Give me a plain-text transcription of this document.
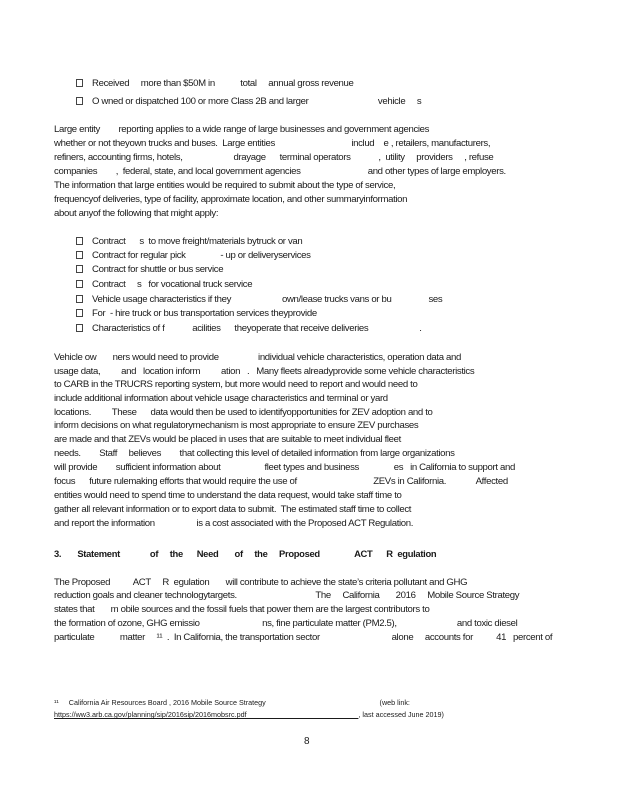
Received     more than $50M in           total     annual gross revenue
O wned or dispatched 100 or more Class 2B and larger                              vehicle     s
Large entity        reporting applies to a wide range of large businesses and government agencies
whether or not theyown trucks and buses.  Large entities                                 includ    e , retailers, manufacturers,
refiners, accounting firms, hotels,                      drayage      terminal operators            ,  utility     providers     , refuse
companies        ,  federal, state, and local government agencies                             and other types of large employers.
The information that large entities would be required to submit about the type of service,
frequencyof deliveries, type of facility, approximate location, and other summaryinformation
about anyof the following that might apply:
Contract      s  to move freight/materials bytruck or van
Contract for regular pick               - up or deliveryservices
Contract for shuttle or bus service
Contract     s   for vocational truck service
Vehicle usage characteristics if they                      own/lease trucks vans or bu                ses
For  - hire truck or bus transportation services theyprovide
Characteristics of f            acilities      theyoperate that receive deliveries                      .
Vehicle ow       ners would need to provide                 individual vehicle characteristics, operation data and
usage data,         and   location inform         ation   .   Many fleets alreadyprovide some vehicle characteristics
to CARB in the TRUCRS reporting system, but more would need to report and would need to
include additional information about vehicle usage characteristics and terminal or yard
locations.         These      data would then be used to identifyopportunities for ZEV adoption and to
inform decisions on what regulatorymechanism is most appropriate to ensure ZEV purchases
are made and that ZEVs would be placed in uses that are suitable to meet individual fleet
needs.        Staff     believes        that collecting this level of detailed information from large organizations
will provide        sufficient information about                   fleet types and business               es   in California to support and
focus      future rulemaking efforts that would require the use of                                 ZEVs in California.             Affected
entities would need to spend time to understand the data request, would take staff time to
gather all relevant information or to export data to submit.  The estimated staff time to collect
and report the information                  is a cost associated with the Proposed ACT Regulation.
3.       Statement             of     the      Need       of     the     Proposed               ACT      R  egulation
The Proposed          ACT     R  egulation       will contribute to achieve the state’s criteria pollutant and GHG
reduction goals and cleaner technologytargets.                                  The     California       2016     Mobile Source Strategy
states that       m obile sources and the fossil fuels that power them are the largest contributors to
the formation of ozone, GHG emissio                           ns, fine particulate matter (PM2.5),                          and toxic diesel
particulate           matter     ¹¹  .  In California, the transportation sector                               alone     accounts for          41   percent of
¹¹     California Air Resources Board , 2016 Mobile Source Strategy                                                         (web link:
https://ww3.arb.ca.gov/planning/sip/2016sip/2016mobsrc.pdf                                                        , last accessed June 2019)
8
